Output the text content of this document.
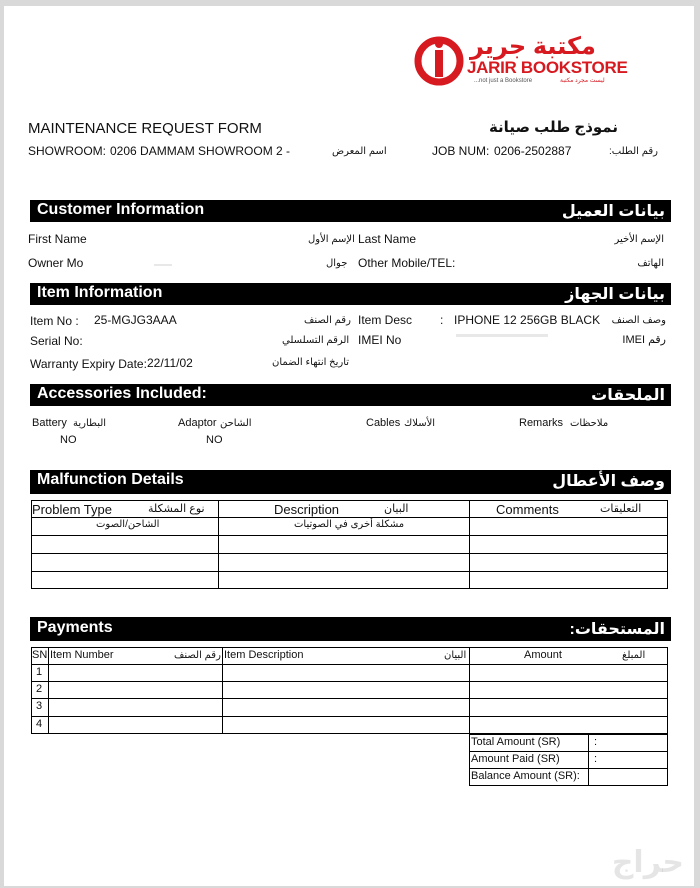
مكتبة جرير
JARIR BOOKSTORE
...not just a Bookstore	ليست مجرد مكتبة
MAINTENANCE REQUEST FORM	نموذج طلب صيانة
SHOWROOM: 0206 DAMMAM SHOWROOM 2 -	اسم المعرض	JOB NUM: 0206-2502887	رقم الطلب:
Customer Information	بيانات العميل
First Name	الإسم الأول Last Name	الإسم الأخير
Owner Mo	جوال Other Mobile/TEL:	الهاتف
Item Information	بيانات الجهاز
Item No : 25-MGJG3AAA	رقم الصنف Item Desc : IPHONE 12 256GB BLACK وصف الصنف
Serial No:	الرقم التسلسلي IMEI No	رقم IMEI
Warranty Expiry Date: 22/11/02	تاريخ انتهاء الضمان
Accessories Included:	الملحقات
Battery البطارية
NO
Adaptor الشاحن
NO
Cables الأسلاك	Remarks ملاحظات
Malfunction Details	وصف الأعطال
Problem Type	نوع المشكلة	Description	البيان	Comments	التعليقات
الشاحن/الصوت	مشكلة أخرى في الصوتيات
Payments	المستحقات:
SN Item Number	رقم الصنف Item Description	البيان	Amount	المبلغ
1
2
3
4
Total Amount (SR)	:
Amount Paid (SR)	:
Balance Amount (SR):
حراج
